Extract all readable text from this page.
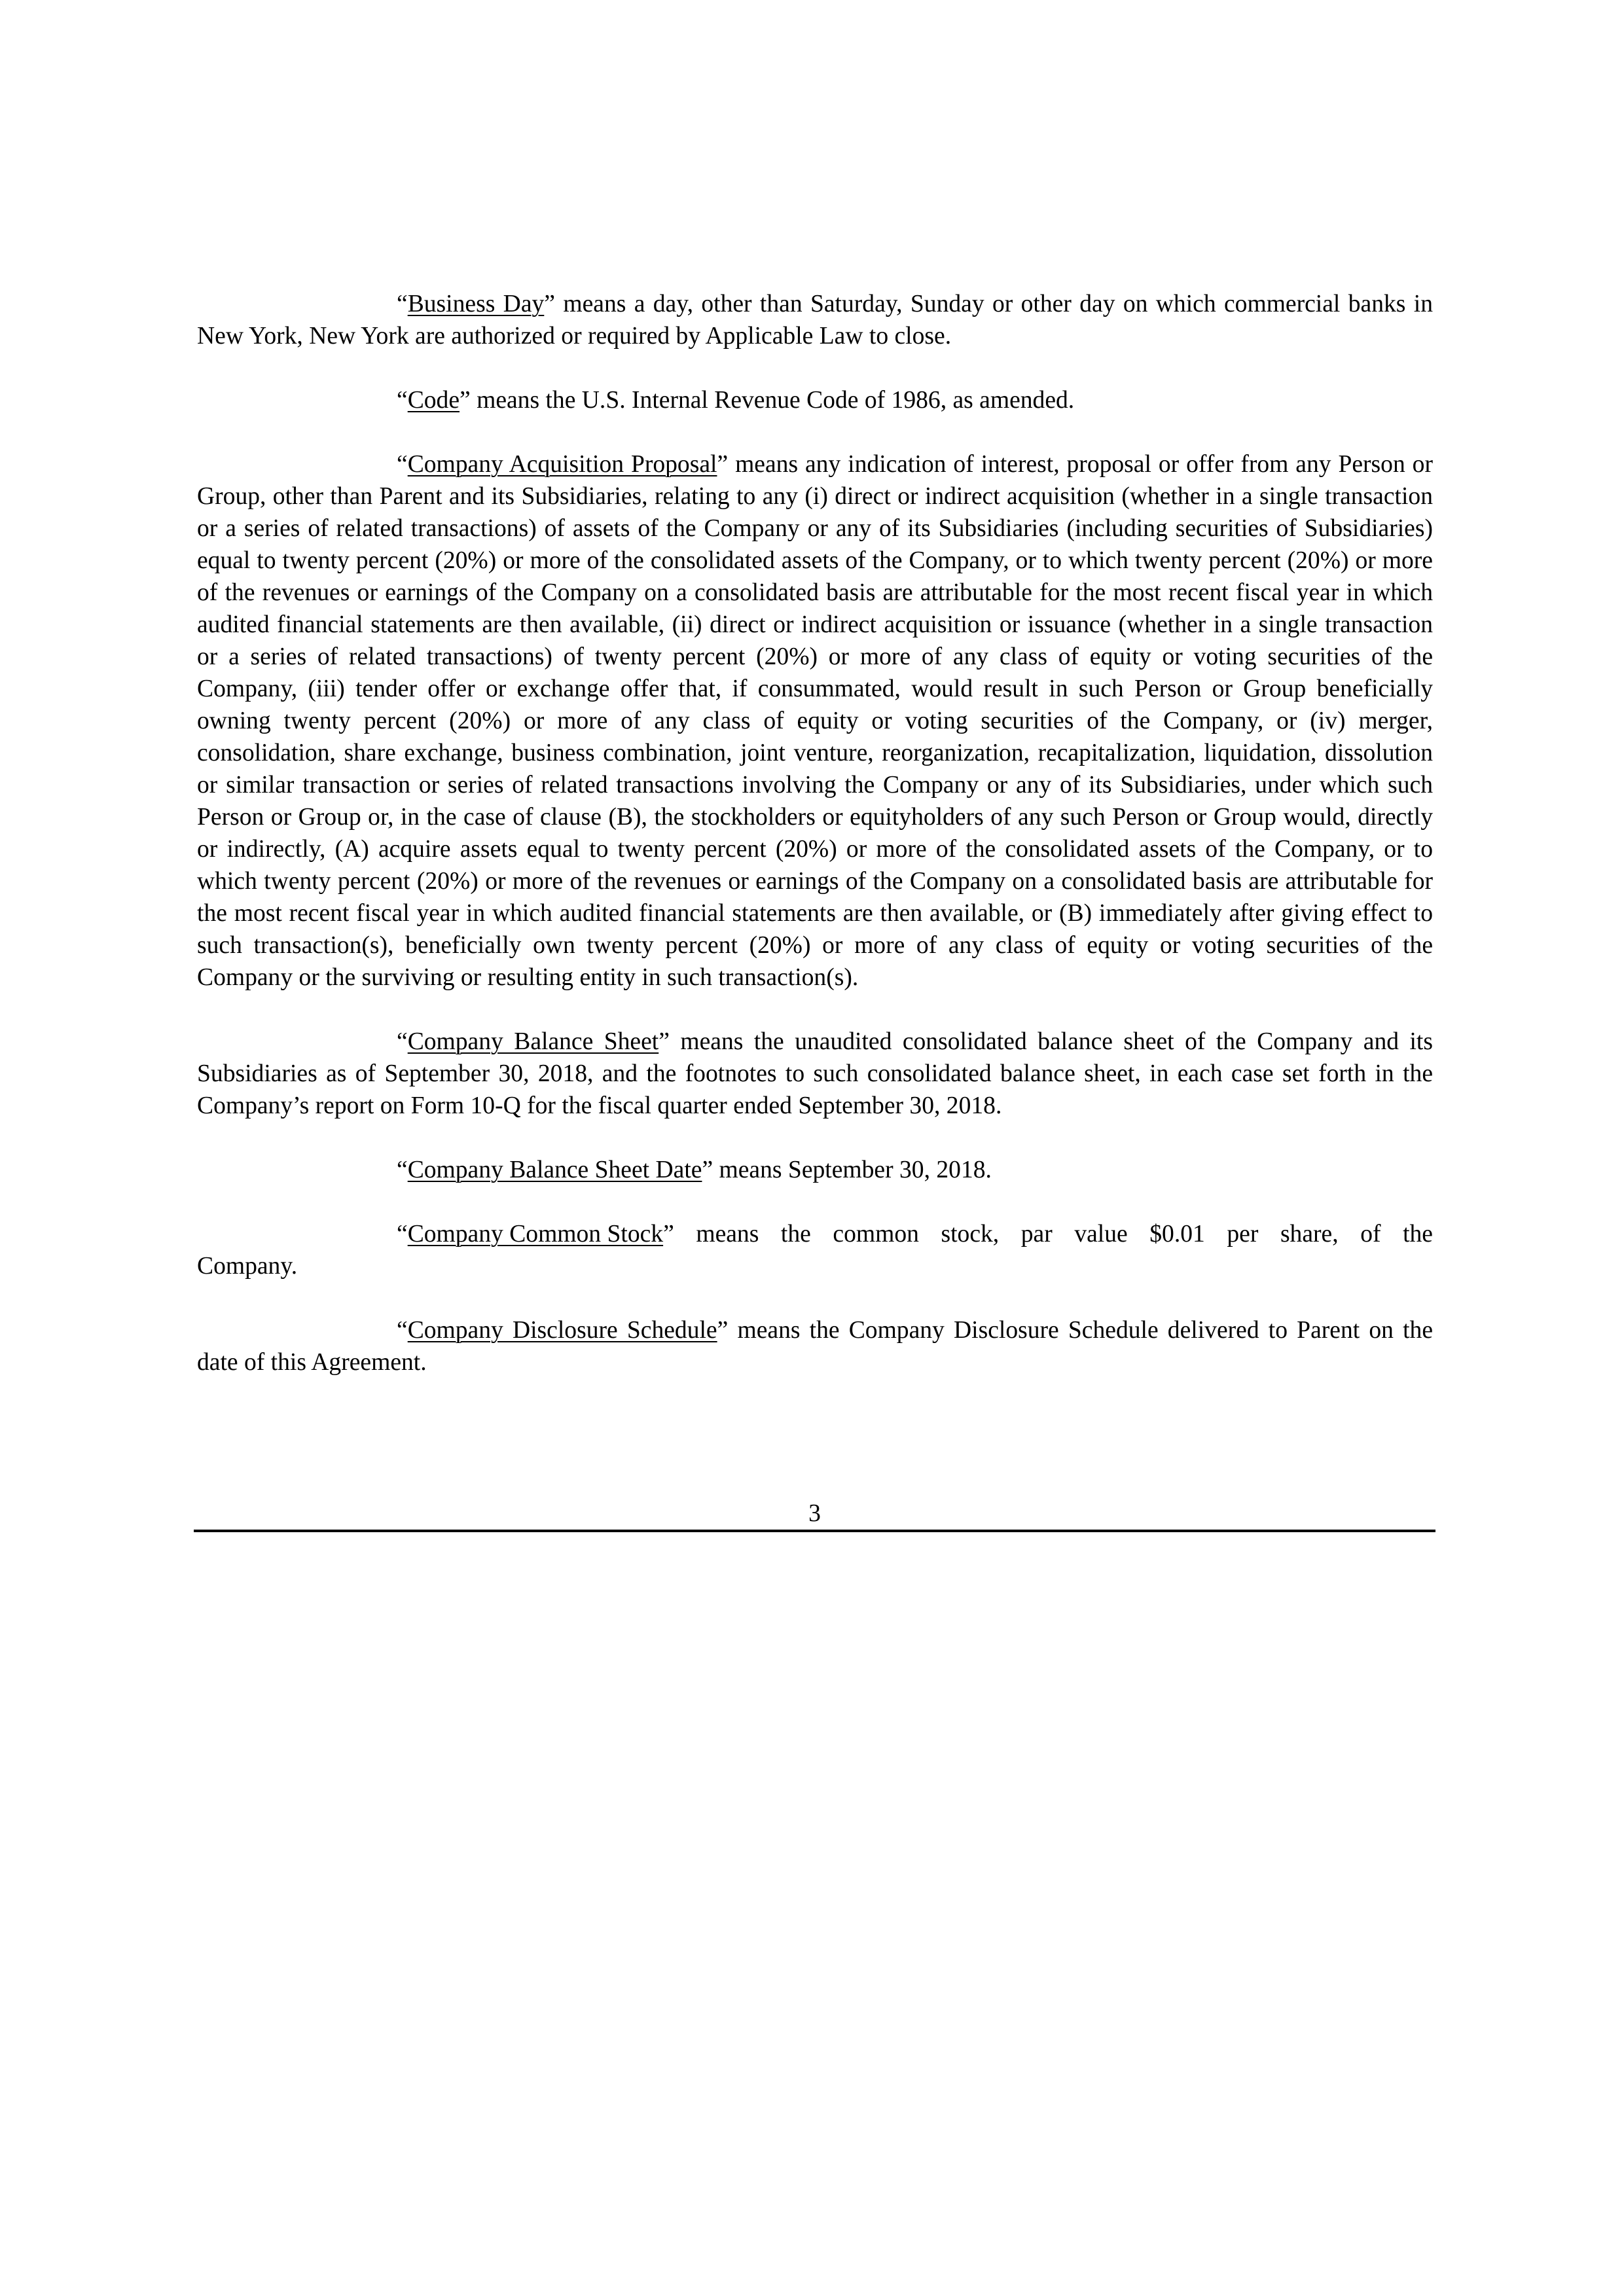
“Business Day” means a day, other than Saturday, Sunday or other day on which commercial banks in New York, New York are authorized or required by Applicable Law to close.

“Code” means the U.S. Internal Revenue Code of 1986, as amended.

“Company Acquisition Proposal” means any indication of interest, proposal or offer from any Person or Group, other than Parent and its Subsidiaries, relating to any (i) direct or indirect acquisition (whether in a single transaction or a series of related transactions) of assets of the Company or any of its Subsidiaries (including securities of Subsidiaries) equal to twenty percent (20%) or more of the consolidated assets of the Company, or to which twenty percent (20%) or more of the revenues or earnings of the Company on a consolidated basis are attributable for the most recent fiscal year in which audited financial statements are then available, (ii) direct or indirect acquisition or issuance (whether in a single transaction or a series of related transactions) of twenty percent (20%) or more of any class of equity or voting securities of the Company, (iii) tender offer or exchange offer that, if consummated, would result in such Person or Group beneficially owning twenty percent (20%) or more of any class of equity or voting securities of the Company, or (iv) merger, consolidation, share exchange, business combination, joint venture, reorganization, recapitalization, liquidation, dissolution or similar transaction or series of related transactions involving the Company or any of its Subsidiaries, under which such Person or Group or, in the case of clause (B), the stockholders or equityholders of any such Person or Group would, directly or indirectly, (A) acquire assets equal to twenty percent (20%) or more of the consolidated assets of the Company, or to which twenty percent (20%) or more of the revenues or earnings of the Company on a consolidated basis are attributable for the most recent fiscal year in which audited financial statements are then available, or (B) immediately after giving effect to such transaction(s), beneficially own twenty percent (20%) or more of any class of equity or voting securities of the Company or the surviving or resulting entity in such transaction(s).

“Company Balance Sheet” means the unaudited consolidated balance sheet of the Company and its Subsidiaries as of September 30, 2018, and the footnotes to such consolidated balance sheet, in each case set forth in the Company’s report on Form 10-Q for the fiscal quarter ended September 30, 2018.

“Company Balance Sheet Date” means September 30, 2018.

“Company Common Stock” means the common stock, par value $0.01 per share, of the
Company.

“Company Disclosure Schedule” means the Company Disclosure Schedule delivered to Parent on the date of this Agreement.

3
